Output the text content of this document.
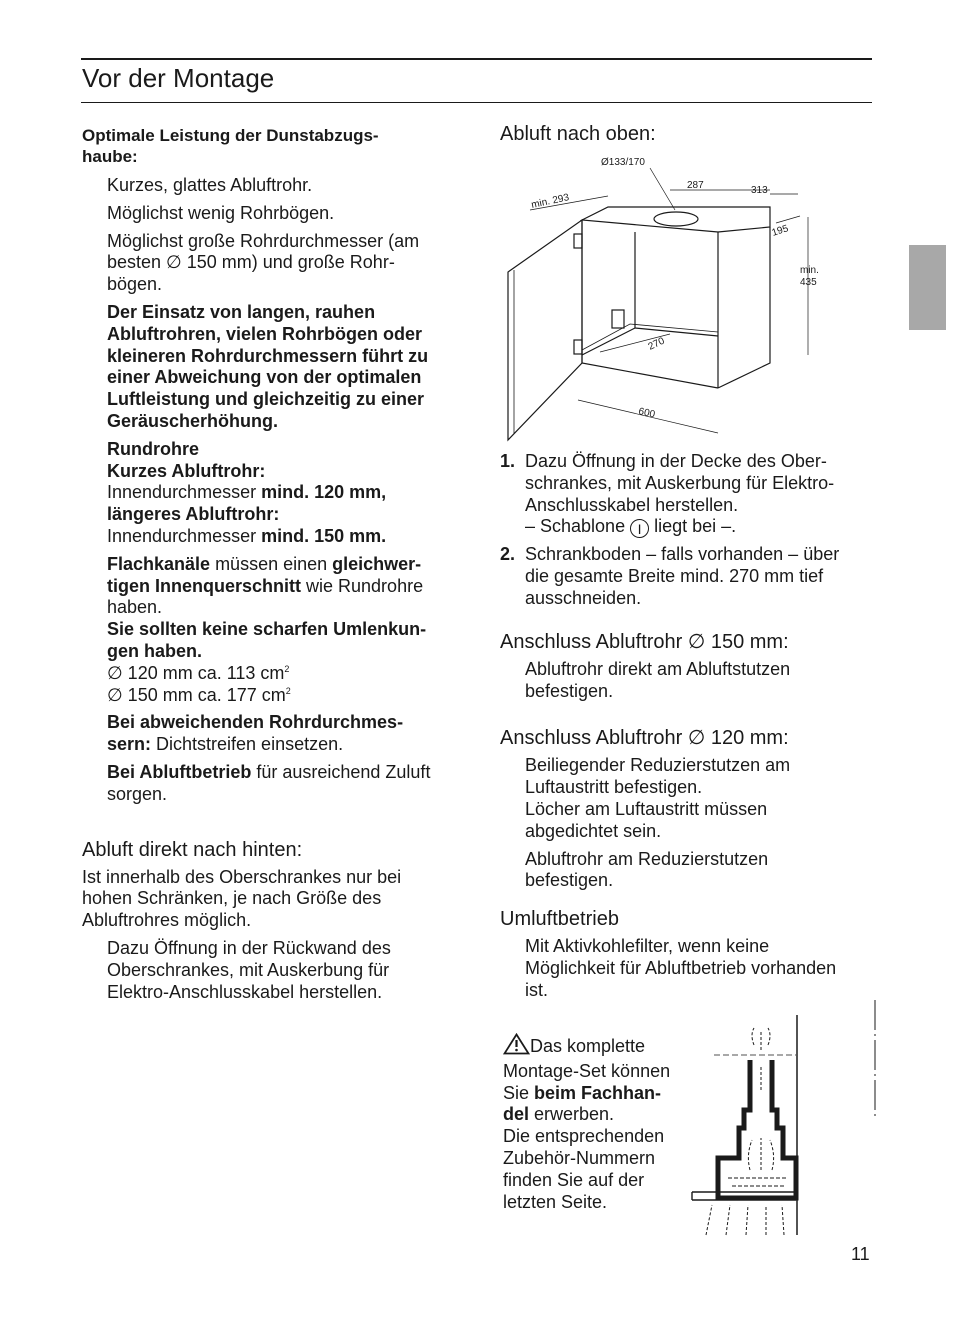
Vor der Montage
Optimale Leistung der Dunstabzugs-
haube:

Kurzes, glattes Abluftrohr.

Möglichst wenig Rohrbögen.

Möglichst große Rohrdurchmesser (am
besten ∅ 150 mm) und große Rohr-
bögen.

Der Einsatz von langen, rauhen
Abluftrohren, vielen Rohrbögen oder
kleineren Rohrdurchmessern führt zu
einer Abweichung von der optimalen
Luftleistung und gleichzeitig zu einer
Geräuscherhöhung.

Rundrohre
Kurzes Abluftrohr:
Innendurchmesser mind. 120 mm,
längeres Abluftrohr:
Innendurchmesser mind. 150 mm.

Flachkanäle müssen einen gleichwer-
tigen Innenquerschnitt wie Rundrohre
haben.
Sie sollten keine scharfen Umlenkun-
gen haben.
∅ 120 mm ca. 113 $cm^2$
∅ 150 mm ca. 177 $cm^2$

Bei abweichenden Rohrdurchmes-
sern: Dichtstreifen einsetzen.

Bei Abluftbetrieb für ausreichend Zuluft
sorgen.

Abluft direkt nach hinten:

Ist innerhalb des Oberschrankes nur bei
hohen Schränken, je nach Größe des
Abluftrohres möglich.

Dazu Öffnung in der Rückwand des
Oberschrankes, mit Auskerbung für
Elektro-Anschlusskabel herstellen.

Abluft nach oben:
Ø133/170
287	313
min. 293
195
min.
435
270
600
1. Dazu Öffnung in der Decke des Ober-
schrankes, mit Auskerbung für Elektro-
Anschlusskabel herstellen.
– Schablone I liegt bei –.
2. Schrankboden – falls vorhanden – über
die gesamte Breite mind. 270 mm tief
ausschneiden.
Anschluss Abluftrohr ∅ 150 mm:

Abluftrohr direkt am Abluftstutzen
befestigen.

Anschluss Abluftrohr ∅ 120 mm:

Beiliegender Reduzierstutzen am
Luftaustritt befestigen.
Löcher am Luftaustritt müssen
abgedichtet sein.

Abluftrohr am Reduzierstutzen
befestigen.

Umluftbetrieb

Mit Aktivkohlefilter, wenn keine
Möglichkeit für Abluftbetrieb vorhanden
ist.

Das komplette
Montage-Set können
Sie beim Fachhan-
del erwerben.
Die entsprechenden
Zubehör-Nummern
finden Sie auf der
letzten Seite.

11
